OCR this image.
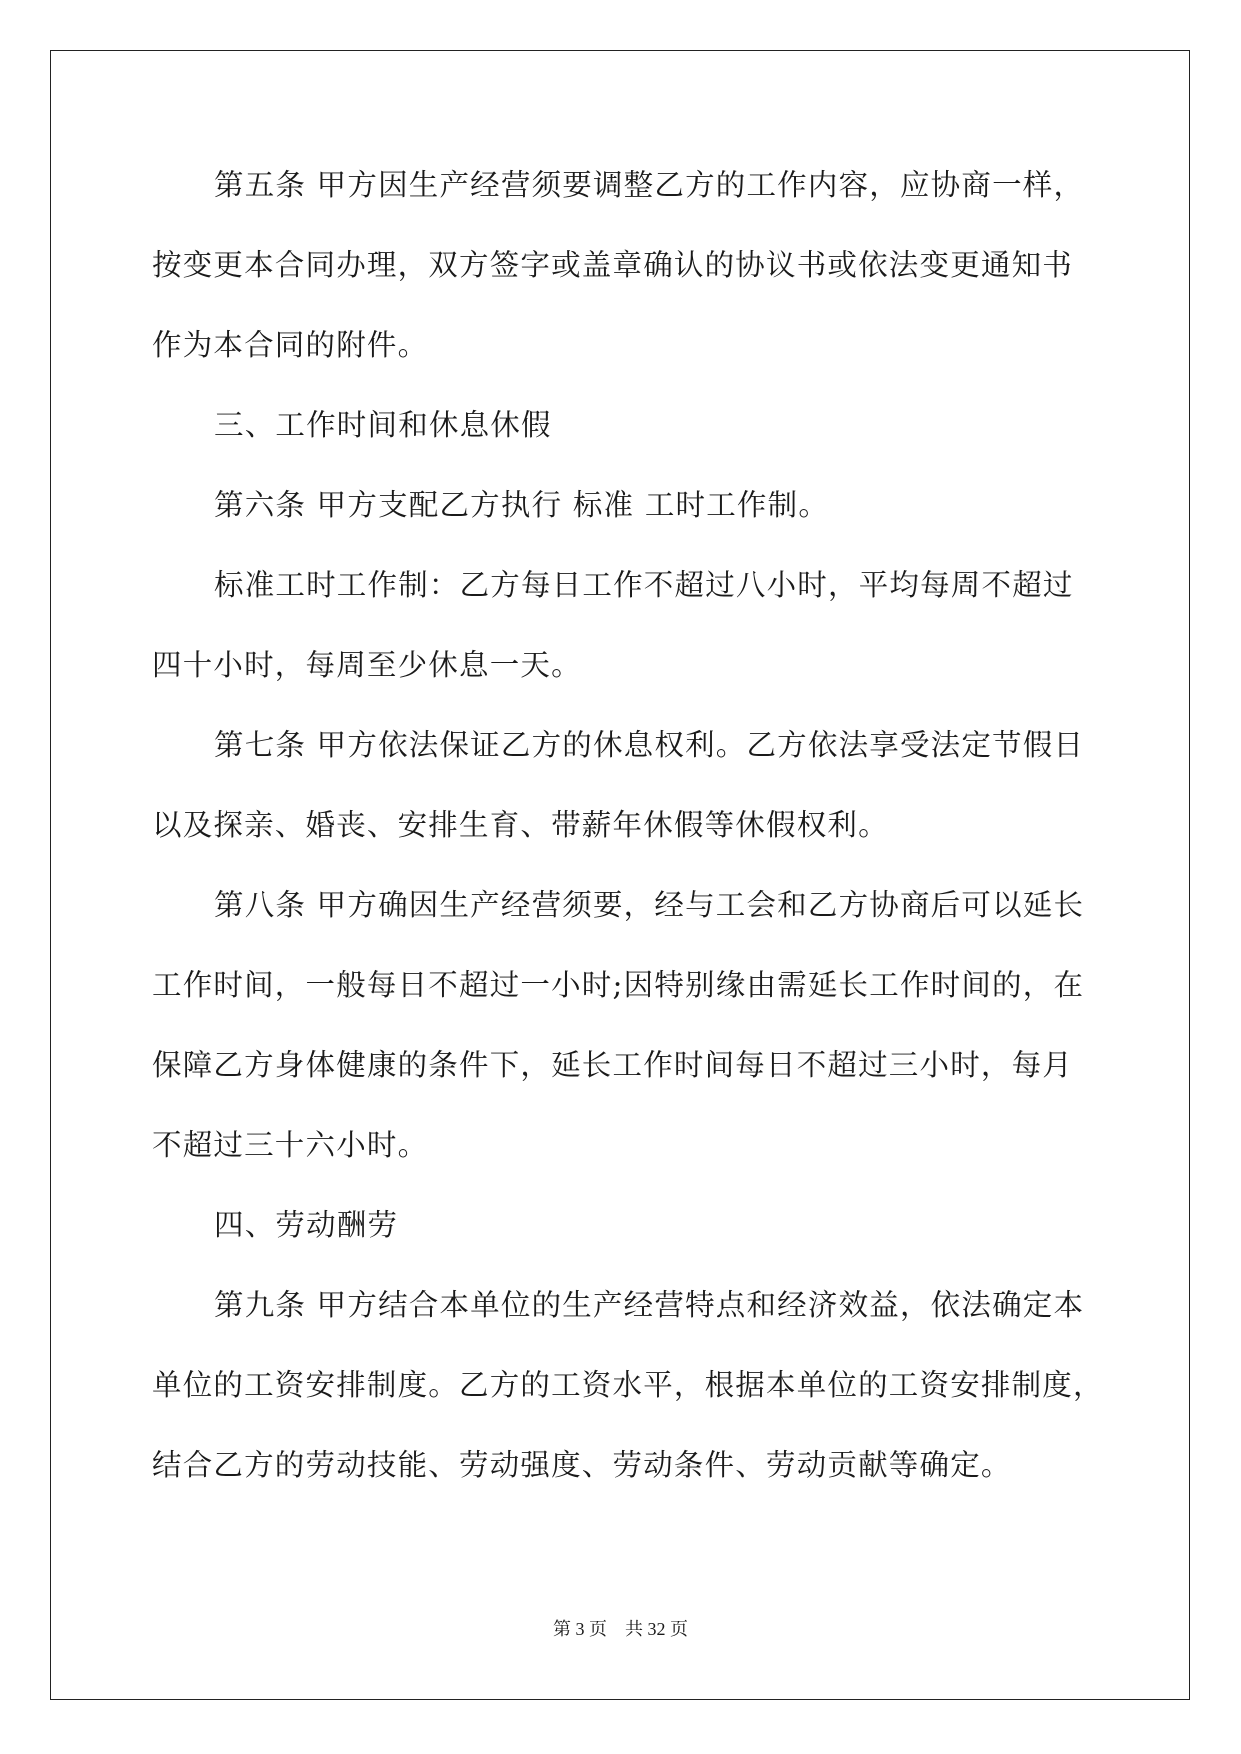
第五条 甲方因生产经营须要调整乙方的工作内容，应协商一样，
按变更本合同办理，双方签字或盖章确认的协议书或依法变更通知书
作为本合同的附件。
三、工作时间和休息休假
第六条 甲方支配乙方执行 标准 工时工作制。
标准工时工作制：乙方每日工作不超过八小时，平均每周不超过
四十小时，每周至少休息一天。
第七条 甲方依法保证乙方的休息权利。乙方依法享受法定节假日
以及探亲、婚丧、安排生育、带薪年休假等休假权利。
第八条 甲方确因生产经营须要，经与工会和乙方协商后可以延长
工作时间，一般每日不超过一小时;因特别缘由需延长工作时间的，在
保障乙方身体健康的条件下，延长工作时间每日不超过三小时，每月
不超过三十六小时。
四、劳动酬劳
第九条 甲方结合本单位的生产经营特点和经济效益，依法确定本
单位的工资安排制度。乙方的工资水平，根据本单位的工资安排制度，
结合乙方的劳动技能、劳动强度、劳动条件、劳动贡献等确定。
第 3 页 共 32 页
